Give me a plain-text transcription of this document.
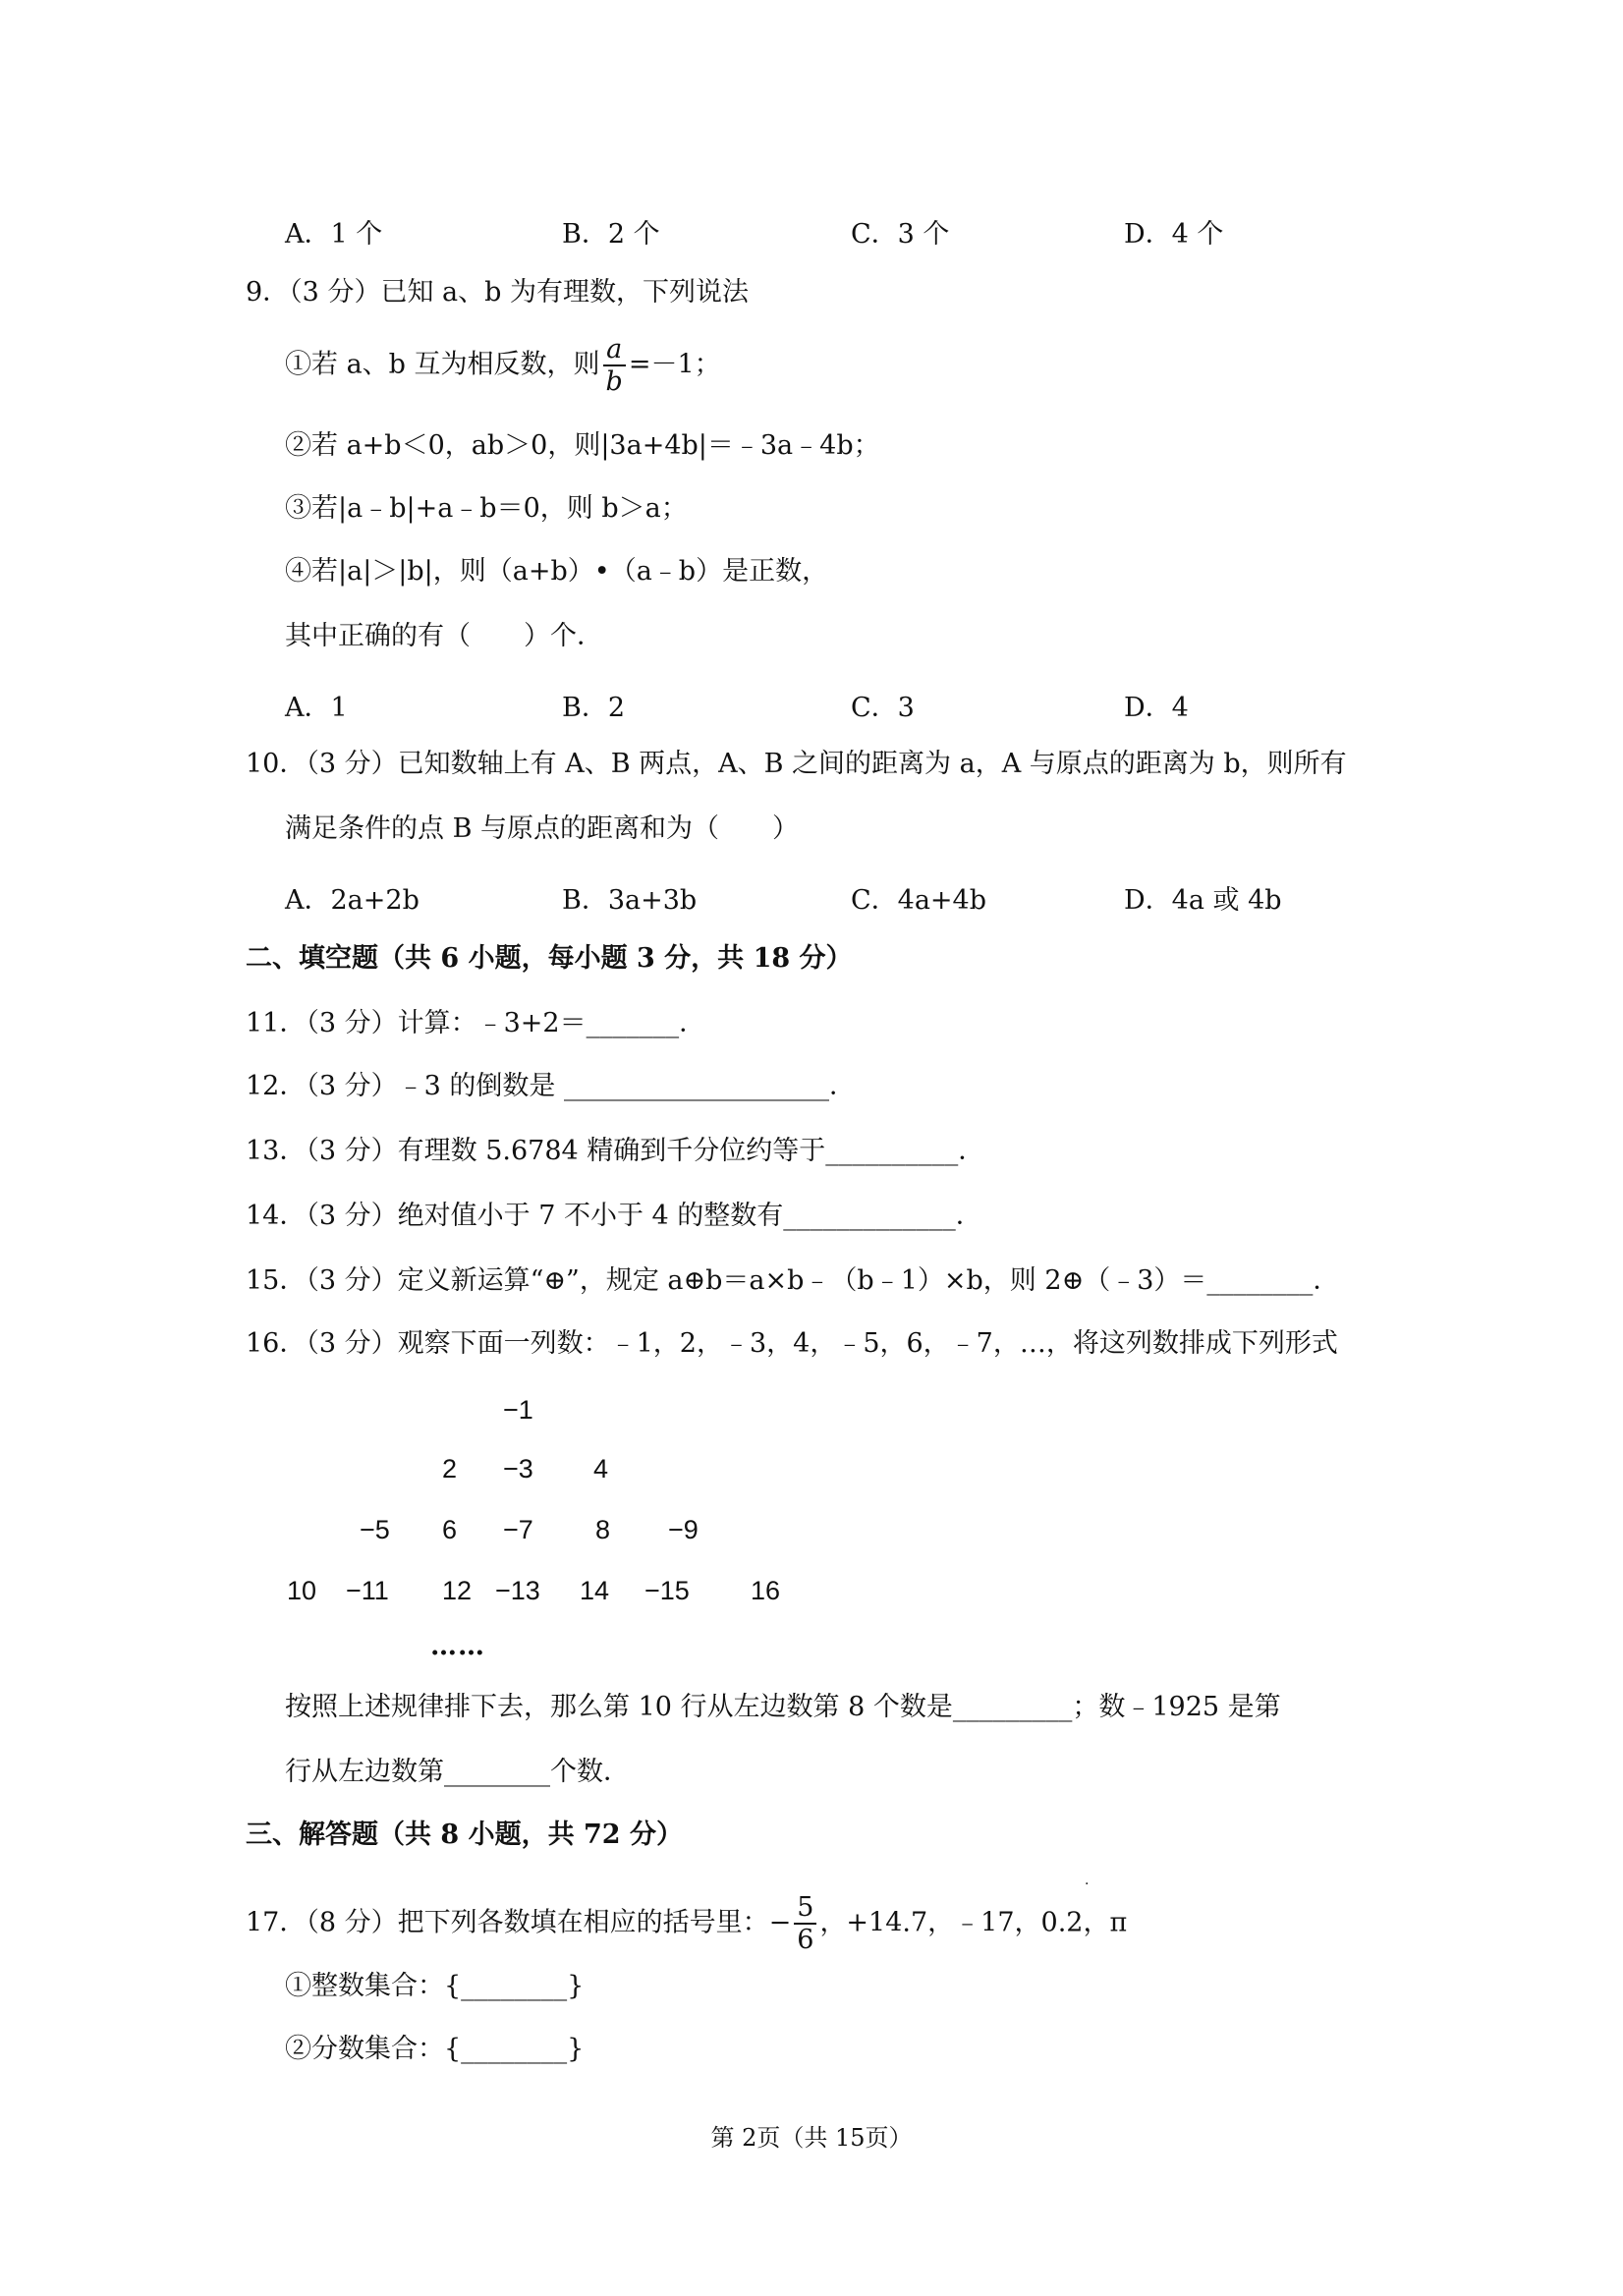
A．1 个	B．2 个	C．3 个	D．4 个
9．（3 分）已知 a、b 为有理数，下列说法
①若 a、b 互为相反数，则 $\frac{a}{b} =-1$；
②若 a+b＜0，ab＞0，则|3a+4b|＝﹣3a﹣4b；
③若|a﹣b|+a﹣b＝0，则 b＞a；
④若|a|＞|b|，则（a+b）•（a﹣b）是正数，
其中正确的有（　　）个．
A．1	B．2	C．3	D．4
10．（3 分）已知数轴上有 A、B 两点，A、B 之间的距离为 a，A 与原点的距离为 b，则所有
满足条件的点 B 与原点的距离和为（　　）
A．2a+2b	B．3a+3b	C．4a+4b	D．4a 或 4b
二、填空题（共 6 小题，每小题 3 分，共 18 分）
11．（3 分）计算：﹣3+2＝_______．
12．（3 分）﹣3 的倒数是 ____________________．
13．（3 分）有理数 5.6784 精确到千分位约等于__________．
14．（3 分）绝对值小于 7 不小于 4 的整数有_____________．
15．（3 分）定义新运算“⊕”，规定 a⊕b＝a×b﹣（b﹣1）×b，则 2⊕（﹣3）＝________．
16．（3 分）观察下面一列数：﹣1，2，﹣3，4，﹣5，6，﹣7，…，将这列数排成下列形式
−1
2 −3 4
−5 6 −7 8 −9
10 −11 12 −13 14 −15 16
……
按照上述规律排下去，那么第 10 行从左边数第 8 个数是_________；数﹣1925 是第
行从左边数第________个数．
三、解答题（共 8 小题，共 72 分）
17．（8 分）把下列各数填在相应的括号里：− $\frac{5}{6}$ ，+14.7，﹣17，0.2，π
·
①整数集合：{________}
②分数集合：{________}
第 2页（共 15页）
